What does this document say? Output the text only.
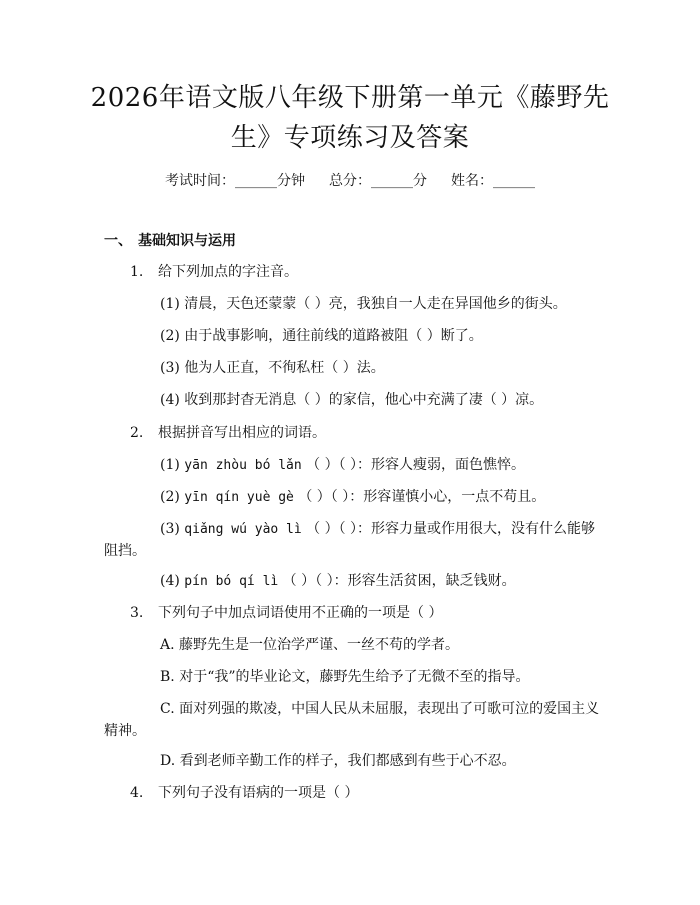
2026年语文版八年级下册第一单元《藤野先生》专项练习及答案
考试时间：______分钟 总分：______分 姓名：______
一、 基础知识与运用
1. 给下列加点的字注音。
(1) 清晨，天色还蒙蒙（ ）亮，我独自一人走在异国他乡的街头。
(2) 由于战事影响，通往前线的道路被阻（ ）断了。
(3) 他为人正直，不徇私枉（ ）法。
(4) 收到那封杳无消息（ ）的家信，他心中充满了凄（ ）凉。
2. 根据拼音写出相应的词语。
(1) yān zhòu bó lǎn （ ）（ ）：形容人瘦弱，面色憔悴。
(2) yīn qín yuè gè （ ）（ ）：形容谨慎小心，一点不苟且。
(3) qiǎng wú yào lì （ ）（ ）：形容力量或作用很大，没有什么能够
阻挡。
(4) pín bó qí lì （ ）（ ）：形容生活贫困，缺乏钱财。
3. 下列句子中加点词语使用不正确的一项是（ ）
A. 藤野先生是一位治学严谨、一丝不苟的学者。
B. 对于“我”的毕业论文，藤野先生给予了无微不至的指导。
C. 面对列强的欺凌，中国人民从未屈服，表现出了可歌可泣的爱国主义
精神。
D. 看到老师辛勤工作的样子，我们都感到有些于心不忍。
4. 下列句子没有语病的一项是（ ）
